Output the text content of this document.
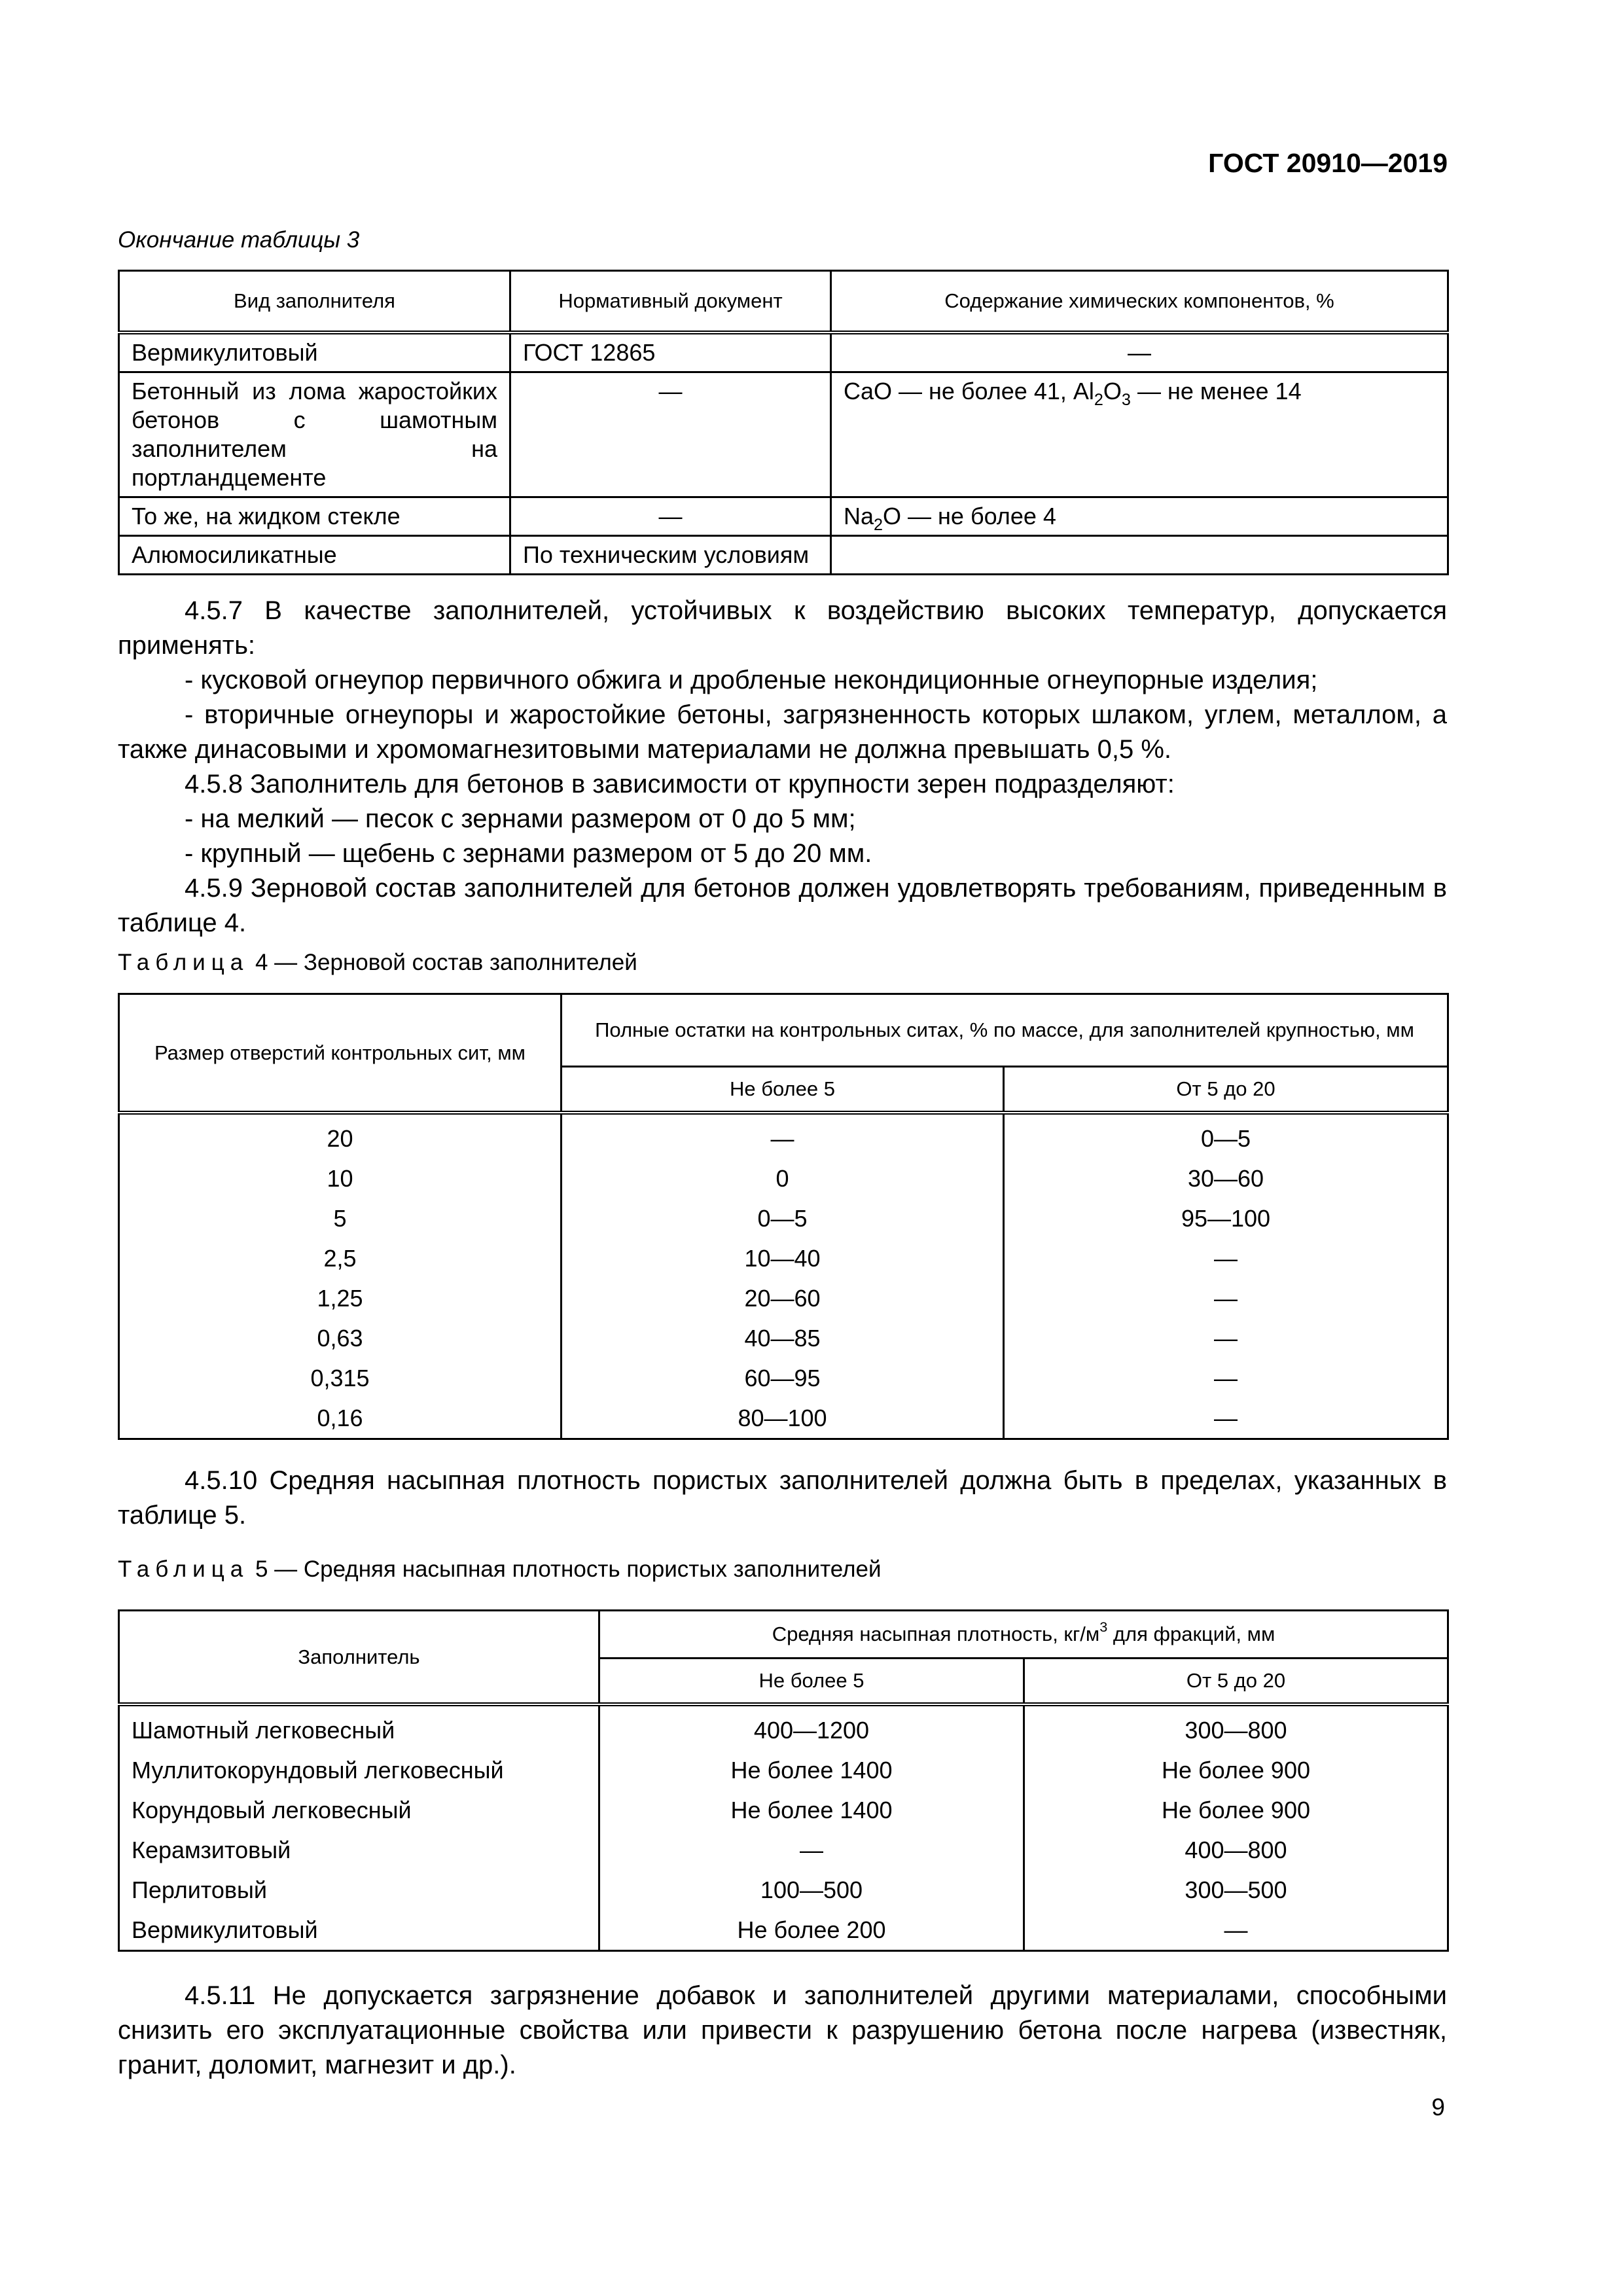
ГОСТ 20910—2019
Окончание таблицы 3
Вид заполнителя	Нормативный документ	Содержание химических компонентов, %
Вермикулитовый	ГОСТ 12865	—
Бетонный из лома жаростойких бетонов с шамотным заполнителем на портландцементе	—	CaO — не более 41, $Al_2O_3$ — не менее 14
То же, на жидком стекле	—	$Na_2O$ — не более 4
Алюмосиликатные	По техническим условиям	

4.5.7 В качестве заполнителей, устойчивых к воздействию высоких температур, допускается применять:

- кусковой огнеупор первичного обжига и дробленые некондиционные огнеупорные изделия;

- вторичные огнеупоры и жаростойкие бетоны, загрязненность которых шлаком, углем, металлом, а также динасовыми и хромомагнезитовыми материалами не должна превышать 0,5 %.

4.5.8 Заполнитель для бетонов в зависимости от крупности зерен подразделяют:

- на мелкий — песок с зернами размером от 0 до 5 мм;

- крупный — щебень с зернами размером от 5 до 20 мм.

4.5.9 Зерновой состав заполнителей для бетонов должен удовлетворять требованиям, приведенным в таблице 4.

Таблица 4 — Зерновой состав заполнителей
Размер отверстий контрольных сит, мм	Полные остатки на контрольных ситах, % по массе, для заполнителей крупностью, мм	
	Не более 5	От 5 до 20
20	—	0—5
10	0	30—60
5	0—5	95—100
2,5	10—40	—
1,25	20—60	—
0,63	40—85	—
0,315	60—95	—
0,16	80—100	—

4.5.10 Средняя насыпная плотность пористых заполнителей должна быть в пределах, указанных в таблице 5.

Таблица 5 — Средняя насыпная плотность пористых заполнителей
Заполнитель	Средняя насыпная плотность, $кг/м^3$ для фракций, мм	
	Не более 5	От 5 до 20
Шамотный легковесный	400—1200	300—800
Муллитокорундовый легковесный	Не более 1400	Не более 900
Корундовый легковесный	Не более 1400	Не более 900
Керамзитовый	—	400—800
Перлитовый	100—500	300—500
Вермикулитовый	Не более 200	—

4.5.11 Не допускается загрязнение добавок и заполнителей другими материалами, способными снизить его эксплуатационные свойства или привести к разрушению бетона после нагрева (известняк, гранит, доломит, магнезит и др.).

9
